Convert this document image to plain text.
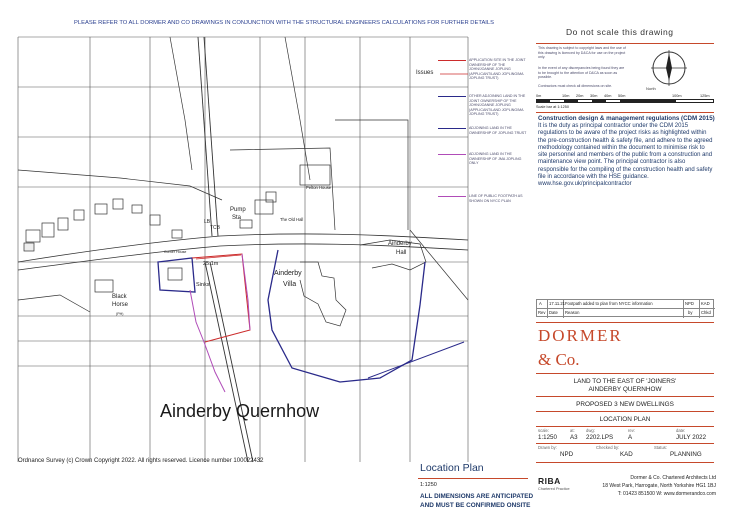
Issues
Pelton House
The Old Hall
Pump
Sta
LB
TCB
Corner House
Ainderby
Hall
25.1m
Sinks
Ainderby
Villa
Black
Horse
(PH)
Ainderby Quernhow
Ordnance Survey (c) Crown Copyright 2022. All rights reserved. Licence number 100022432
PLEASE REFER TO ALL DORMER AND CO DRAWINGS IN CONJUNCTION WITH THE STRUCTURAL ENGINEERS CALCULATIONS FOR FURTHER DETAILS
APPLICATION SITE IN THE JOINT OWNERSHIP OF THE JOHN/JOANNE JOPLING (APPLICANT/LAND JOPLING/MA JOPLING TRUST)
OTHER ADJOINING LAND IN THE JOINT OWNERSHIP OF THE JOHN/JOANNE JOPLING (APPLICANT/LAND JOPLING/MA JOPLING TRUST)
ADJOINING LAND IN THE OWNERSHIP OF JOPLING TRUST
ADJOINING LAND IN THE OWNERSHIP OF JMA JOPLING ONLY
LINE OF PUBLIC FOOTPATH AS SHOWN ON NYCC PLAN
Location Plan
1:1250
ALL DIMENSIONS ARE ANTICIPATED
AND MUST BE CONFIRMED ONSITE
Do not scale this drawing
This drawing is subject to copyright laws and the use of this drawing is licenced by D&CA for use on the project only.
In the event of any discrepancies being found they are to be brought to the attention of D&CA as soon as possible.
Contractors must check all dimensions on site.	North
0m	10m 20m 30m 40m 50m	100m	125m
Scale bar at 1:1250
Construction design & management regulations (CDM 2015)
It is the duty as principal contractor under the CDM 2015 regulations to be aware of the project risks as highlighted within the pre-construction health & safety file, and adhere to the agreed methodology contained within the document to minimise risk to site personnel and members of the public from a construction and maintenance view point. The principal contractor is also responsible for the compiling of the construction health and safety file in accordance with the HSE guidance. www.hse.gov.uk/principalcontractor
A 17.11.21 Footpath added to plan from NYCC information	NPD KAD
Rev Date Reason	by Chkd
DORMER
& Co.
LAND TO THE EAST OF 'JOINERS'
AINDERBY QUERNHOW
PROPOSED 3 NEW DWELLINGS
LOCATION PLAN
scale:
1:1250
at:
A3
dwg:
2202.LPS
rev:
A
date:
JULY 2022
Drawn by:
NPD
Checked by:
KAD
Status:
PLANNING
RIBA
Chartered Practice
Dormer & Co. Chartered Architects Ltd
18 West Park, Harrogate, North Yorkshire HG1 1BJ
T: 01423 851500 W: www.dormerandco.com
